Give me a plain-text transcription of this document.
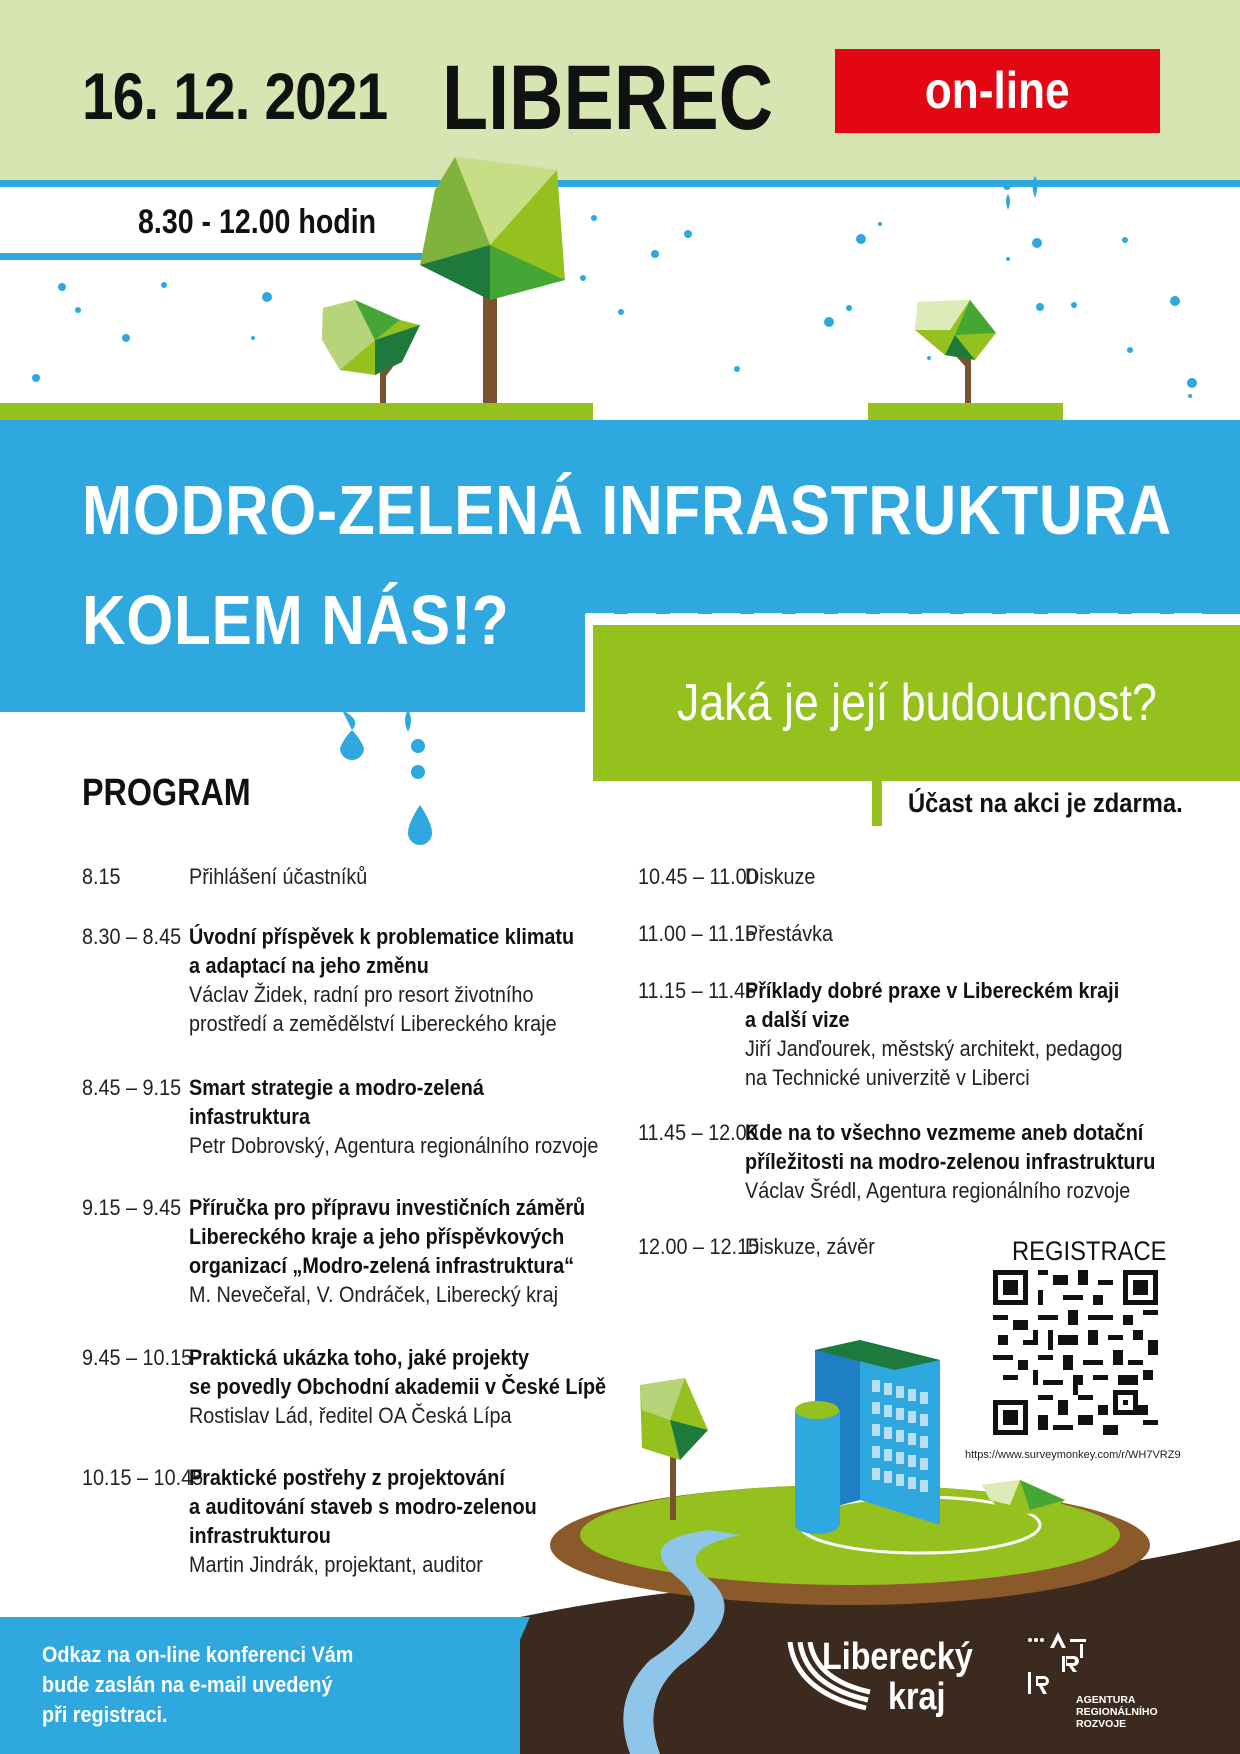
16. 12. 2021 LIBEREC	on-line
8.30 - 12.00 hodin
MODRO-ZELENÁ INFRASTRUKTURA
KOLEM NÁS!?
Jaká je její budoucnost?
Účast na akci je zdarma.
PROGRAM
8.15	Přihlášení účastníků
8.30 – 8.45 Úvodní příspěvek k problematice klimatu
a adaptací na jeho změnu
Václav Židek, radní pro resort životního
prostředí a zemědělství Libereckého kraje
8.45 – 9.15 Smart strategie a modro-zelená
infastruktura
Petr Dobrovský, Agentura regionálního rozvoje
9.15 – 9.45 Příručka pro přípravu investičních záměrů
Libereckého kraje a jeho příspěvkových
organizací „Modro-zelená infrastruktura“
M. Nevečeřal, V. Ondráček, Liberecký kraj
9.45 – 10.15
Praktická ukázka toho, jaké projekty
se povedly Obchodní akademii v České Lípě
Rostislav Lád, ředitel OA Česká Lípa
10.15 – 10.45
Praktické postřehy z projektování
a auditování staveb s modro-zelenou
infrastrukturou
Martin Jindrák, projektant, auditor
10.45 – 11.00
Diskuze
11.00 – 11.15
Přestávka
11.15 – 11.45
Příklady dobré praxe v Libereckém kraji
a další vize
Jiří Janďourek, městský architekt, pedagog
na Technické univerzitě v Liberci
11.45 – 12.00
Kde na to všechno vezmeme aneb dotační
příležitosti na modro-zelenou infrastrukturu
Václav Šrédl, Agentura regionálního rozvoje
12.00 – 12.15
Diskuze, závěr	REGISTRACE
https://www.surveymonkey.com/r/WH7VRZ9
Odkaz na on-line konferenci Vám
bude zaslán na e-mail uvedený
při registraci.
Liberecký
kraj	AGENTURA
REGIONÁLNÍHO
ROZVOJE
